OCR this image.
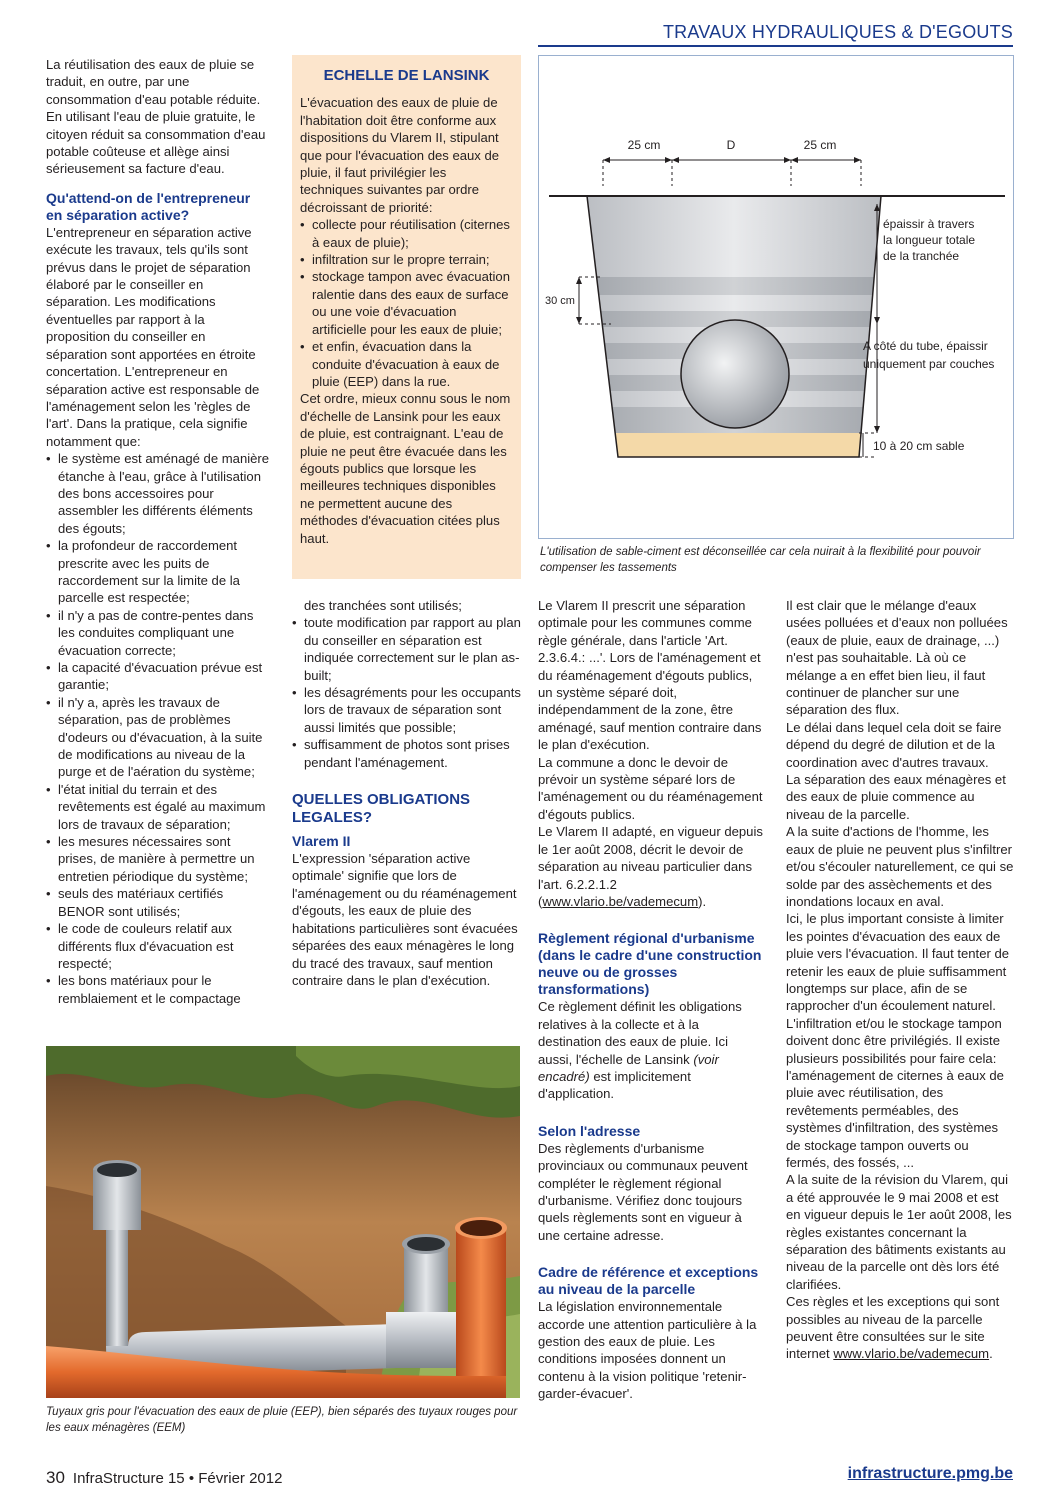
TRAVAUX HYDRAULIQUES & D'EGOUTS

La réutilisation des eaux de pluie se traduit, en outre, par une consommation d'eau potable réduite. En utilisant l'eau de pluie gratuite, le citoyen réduit sa consommation d'eau potable coûteuse et allège ainsi sérieusement sa facture d'eau.

Qu'attend-on de l'entrepreneur en séparation active?

L'entrepreneur en séparation active exécute les travaux, tels qu'ils sont prévus dans le projet de séparation élaboré par le conseiller en séparation. Les modifications éventuelles par rapport à la proposition du conseiller en séparation sont apportées en étroite concertation. L'entrepreneur en séparation active est responsable de l'aménagement selon les 'règles de l'art'. Dans la pratique, cela signifie notamment que:

• le système est aménagé de manière étanche à l'eau, grâce à l'utilisation des bons accessoires pour assembler les différents éléments des égouts;
• la profondeur de raccordement prescrite avec les puits de raccordement sur la limite de la parcelle est respectée;
• il n'y a pas de contre-pentes dans les conduites compliquant une évacuation correcte;
• la capacité d'évacuation prévue est garantie;
• il n'y a, après les travaux de séparation, pas de problèmes d'odeurs ou d'évacuation, à la suite de modifications au niveau de la purge et de l'aération du système;
• l'état initial du terrain et des revêtements est égalé au maximum lors de travaux de séparation;
• les mesures nécessaires sont prises, de manière à permettre un entretien périodique du système;
• seuls des matériaux certifiés BENOR sont utilisés;
• le code de couleurs relatif aux différents flux d'évacuation est respecté;
• les bons matériaux pour le remblaiement et le compactage
ECHELLE DE LANSINK

L'évacuation des eaux de pluie de l'habitation doit être conforme aux dispositions du Vlarem II, stipulant que pour l'évacuation des eaux de pluie, il faut privilégier les techniques suivantes par ordre décroissant de priorité:

• collecte pour réutilisation (citernes à eaux de pluie);
• infiltration sur le propre terrain;
• stockage tampon avec évacuation ralentie dans des eaux de surface ou une voie d'évacuation artificielle pour les eaux de pluie;
• et enfin, évacuation dans la conduite d'évacuation à eaux de pluie (EEP) dans la rue.

Cet ordre, mieux connu sous le nom d'échelle de Lansink pour les eaux de pluie, est contraignant. L'eau de pluie ne peut être évacuée dans les égouts publics que lorsque les meilleures techniques disponibles ne permettent aucune des méthodes d'évacuation citées plus haut.

25 cm	D	25 cm
30 cm
épaissir à travers la longueur totale de la tranchée
A côté du tube, épaissir uniquement par couches
10 à 20 cm sable
L'utilisation de sable-ciment est déconseillée car cela nuirait à la flexibilité pour pouvoir compenser les tassements

des tranchées sont utilisés;

• toute modification par rapport au plan du conseiller en séparation est indiquée correctement sur le plan as-built;
• les désagréments pour les occupants lors de travaux de séparation sont aussi limités que possible;
• suffisamment de photos sont prises pendant l'aménagement.
QUELLES OBLIGATIONS LEGALES?
Vlarem II

L'expression 'séparation active optimale' signifie que lors de l'aménagement ou du réaménagement d'égouts, les eaux de pluie des habitations particulières sont évacuées séparées des eaux ménagères le long du tracé des travaux, sauf mention contraire dans le plan d'exécution.

Le Vlarem II prescrit une séparation optimale pour les communes comme règle générale, dans l'article 'Art. 2.3.6.4.: ...'. Lors de l'aménagement et du réaménagement d'égouts publics, un système séparé doit, indépendamment de la zone, être aménagé, sauf mention contraire dans le plan d'exécution.

La commune a donc le devoir de prévoir un système séparé lors de l'aménagement ou du réaménagement d'égouts publics.

Le Vlarem II adapté, en vigueur depuis le 1er août 2008, décrit le devoir de séparation au niveau particulier dans l'art. 6.2.2.1.2 (www.vlario.be/vademecum).

Règlement régional d'urbanisme (dans le cadre d'une construction neuve ou de grosses transformations)

Ce règlement définit les obligations relatives à la collecte et à la destination des eaux de pluie. Ici aussi, l'échelle de Lansink (voir encadré) est implicitement d'application.

Selon l'adresse

Des règlements d'urbanisme provinciaux ou communaux peuvent compléter le règlement régional d'urbanisme. Vérifiez donc toujours quels règlements sont en vigueur à une certaine adresse.

Cadre de référence et exceptions au niveau de la parcelle

La législation environnementale accorde une attention particulière à la gestion des eaux de pluie. Les conditions imposées donnent un contenu à la vision politique 'retenir-garder-évacuer'.

Il est clair que le mélange d'eaux usées polluées et d'eaux non polluées (eaux de pluie, eaux de drainage, ...) n'est pas souhaitable. Là où ce mélange a en effet bien lieu, il faut continuer de plancher sur une séparation des flux.

Le délai dans lequel cela doit se faire dépend du degré de dilution et de la coordination avec d'autres travaux.

La séparation des eaux ménagères et des eaux de pluie commence au niveau de la parcelle.

A la suite d'actions de l'homme, les eaux de pluie ne peuvent plus s'infiltrer et/ou s'écouler naturellement, ce qui se solde par des assèchements et des inondations locaux en aval.

Ici, le plus important consiste à limiter les pointes d'évacuation des eaux de pluie vers l'évacuation. Il faut tenter de retenir les eaux de pluie suffisamment longtemps sur place, afin de se rapprocher d'un écoulement naturel.

L'infiltration et/ou le stockage tampon doivent donc être privilégiés. Il existe plusieurs possibilités pour faire cela: l'aménagement de citernes à eaux de pluie avec réutilisation, des revêtements perméables, des systèmes d'infiltration, des systèmes de stockage tampon ouverts ou fermés, des fossés, ...

A la suite de la révision du Vlarem, qui a été approuvée le 9 mai 2008 et est en vigueur depuis le 1er août 2008, les règles existantes concernant la séparation des bâtiments existants au niveau de la parcelle ont dès lors été clarifiées.

Ces règles et les exceptions qui sont possibles au niveau de la parcelle peuvent être consultées sur le site internet www.vlario.be/vademecum.

Tuyaux gris pour l'évacuation des eaux de pluie (EEP), bien séparés des tuyaux rouges pour les eaux ménagères (EEM)
30 InfraStructure 15 • Février 2012	infrastructure.pmg.be
